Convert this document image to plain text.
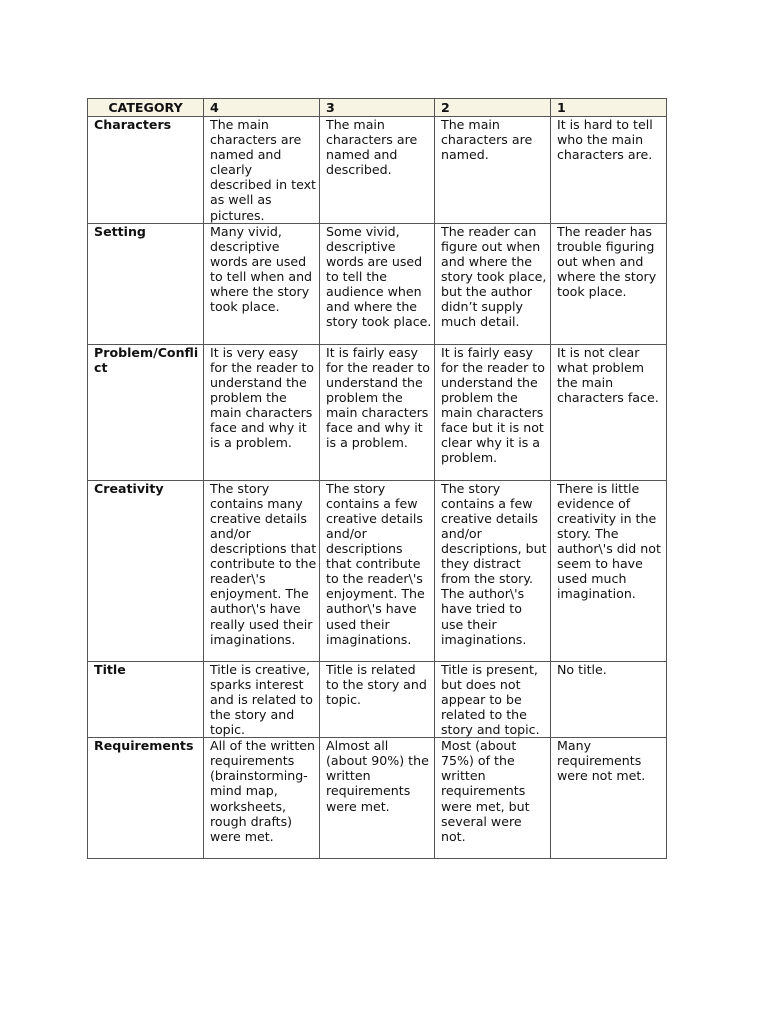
CATEGORY	4	3	2	1
Characters	The main characters are named and clearly described in text as well as pictures.	The main characters are named and described.	The main characters are named.	It is hard to tell who the main characters are.
Setting	Many vivid, descriptive words are used to tell when and where the story took place.	Some vivid, descriptive words are used to tell the audience when and where the story took place.	The reader can figure out when and where the story took place, but the author didn’t supply much detail.	The reader has trouble figuring out when and where the story took place.
Problem/Conflict	It is very easy for the reader to understand the problem the main characters face and why it is a problem.	It is fairly easy for the reader to understand the problem the main characters face and why it is a problem.	It is fairly easy for the reader to understand the problem the main characters face but it is not clear why it is a problem.	It is not clear what problem the main characters face.
Creativity	The story contains many creative details and/or descriptions that contribute to the reader\'s enjoyment. The author\'s have really used their imaginations.	The story contains a few creative details and/or descriptions that contribute to the reader\'s enjoyment. The author\'s have used their imaginations.	The story contains a few creative details and/or descriptions, but they distract from the story. The author\'s have tried to use their imaginations.	There is little evidence of creativity in the story. The author\'s did not seem to have used much imagination.
Title	Title is creative, sparks interest and is related to the story and topic.	Title is related to the story and topic.	Title is present, but does not appear to be related to the story and topic.	No title.
Requirements	All of the written requirements (brainstorming-mind map, worksheets, rough drafts) were met.	Almost all (about 90%) the written requirements were met.	Most (about 75%) of the written requirements were met, but several were not.	Many requirements were not met.
